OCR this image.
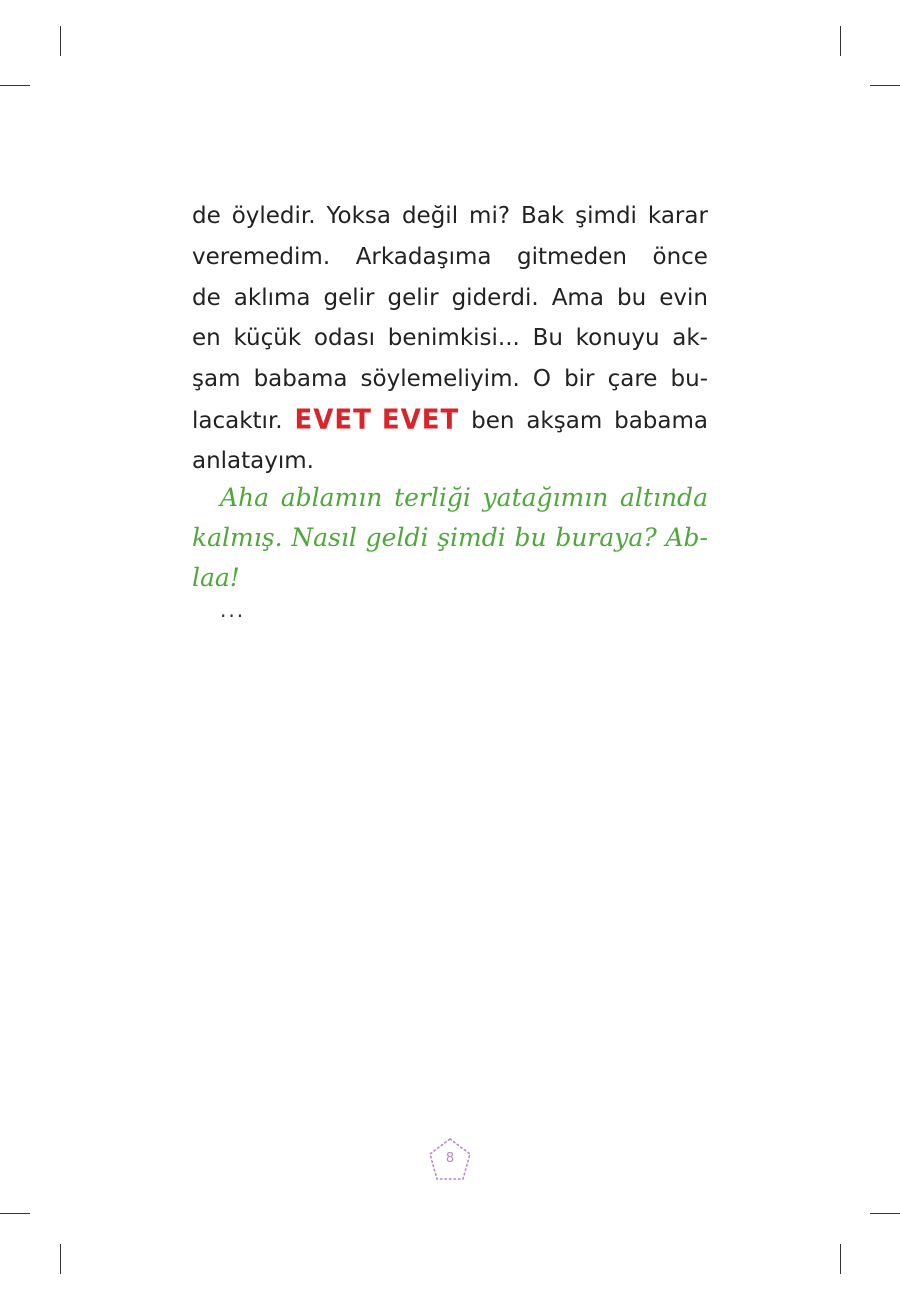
de öyledir. Yoksa değil mi? Bak şimdi karar
veremedim. Arkadaşıma gitmeden önce
de aklıma gelir gelir giderdi. Ama bu evin
en küçük odası benimkisi... Bu konuyu ak-
şam babama söylemeliyim. O bir çare bu-
lacaktır. EVET EVET ben akşam babama
anlatayım.
Aha ablamın terliği yatağımın altında
kalmış. Nasıl geldi şimdi bu buraya? Ab-
laa!
...
8
